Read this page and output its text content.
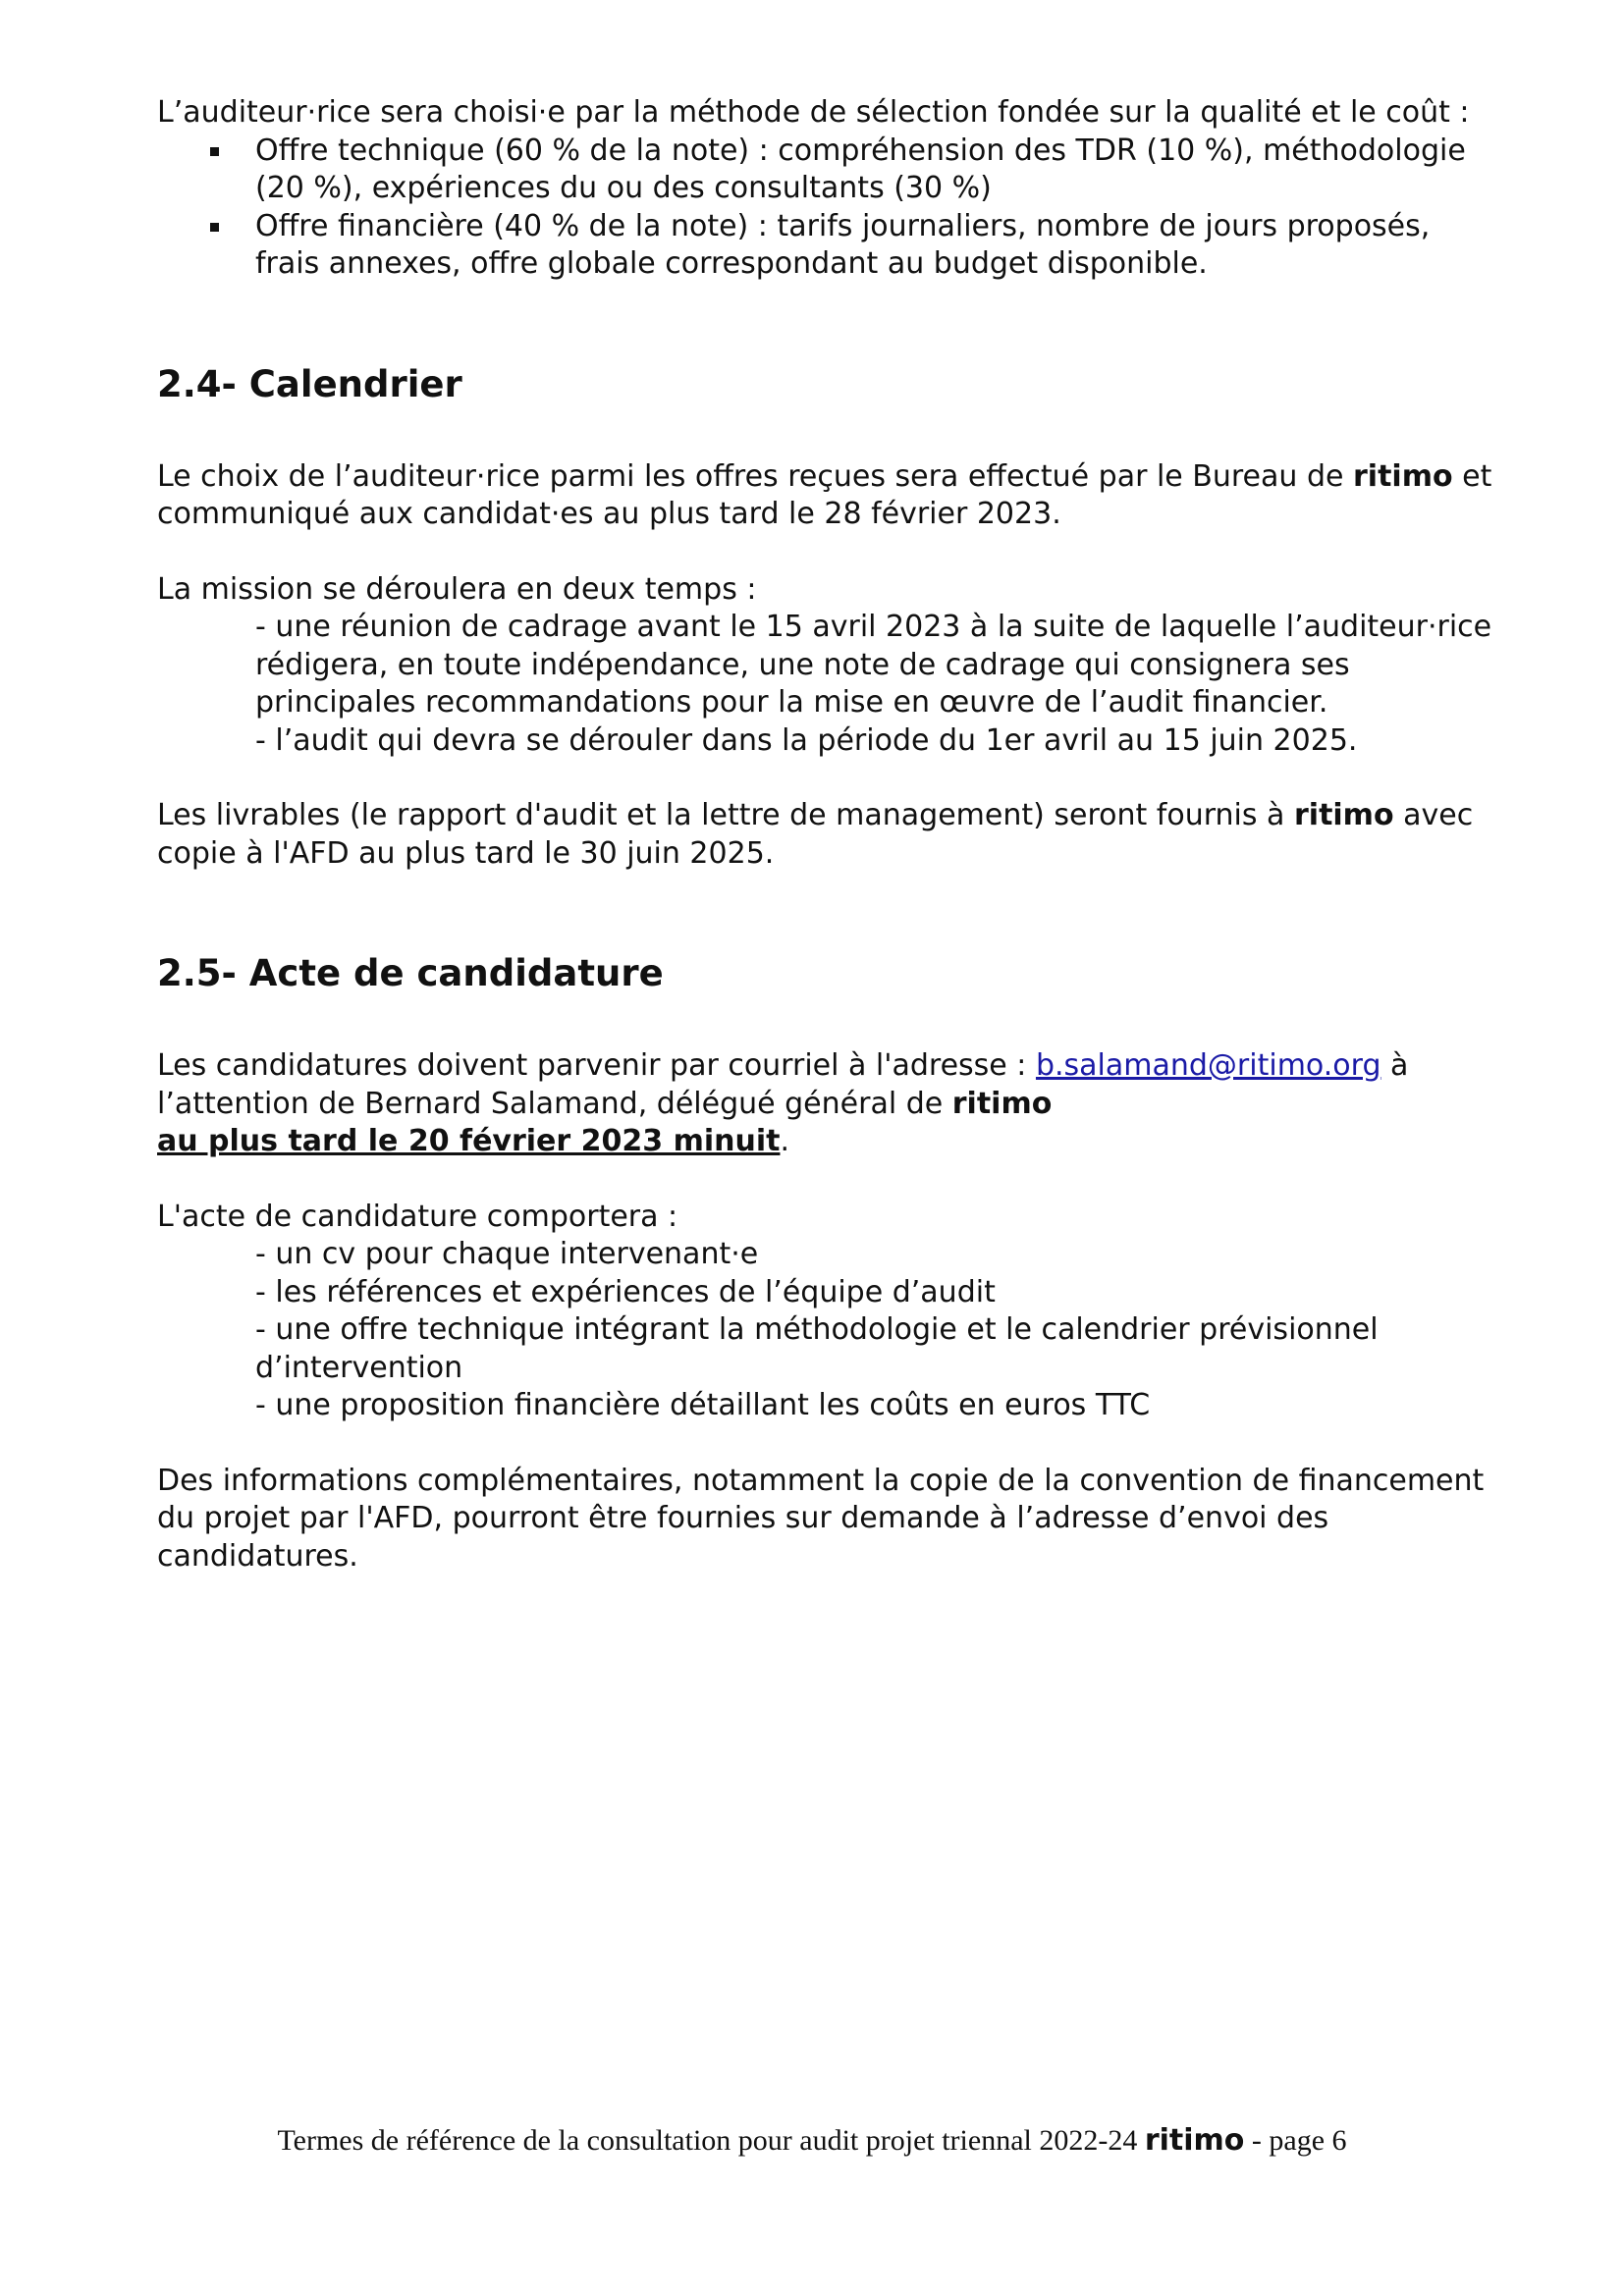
L’auditeur·rice sera choisi·e par la méthode de sélection fondée sur la qualité et le coût :

Offre technique (60 % de la note) : compréhension des TDR (10 %), méthodologie (20 %), expériences du ou des consultants (30 %)
Offre financière (40 % de la note) : tarifs journaliers, nombre de jours proposés, frais annexes, offre globale correspondant au budget disponible.
2.4- Calendrier

Le choix de l’auditeur·rice parmi les offres reçues sera effectué par le Bureau de ritimo et communiqué aux candidat·es au plus tard le 28 février 2023.

La mission se déroulera en deux temps :

- une réunion de cadrage avant le 15 avril 2023 à la suite de laquelle l’auditeur·rice rédigera, en toute indépendance, une note de cadrage qui consignera ses principales recommandations pour la mise en œuvre de l’audit financier.
- l’audit qui devra se dérouler dans la période du 1er avril au 15 juin 2025.

Les livrables (le rapport d'audit et la lettre de management) seront fournis à ritimo avec copie à l'AFD au plus tard le 30 juin 2025.

2.5- Acte de candidature

Les candidatures doivent parvenir par courriel à l'adresse : b.salamand@ritimo.org à l’attention de Bernard Salamand, délégué général de ritimo
au plus tard le 20 février 2023 minuit.

L'acte de candidature comportera :

- un cv pour chaque intervenant·e
- les références et expériences de l’équipe d’audit
- une offre technique intégrant la méthodologie et le calendrier prévisionnel d’intervention
- une proposition financière détaillant les coûts en euros TTC

Des informations complémentaires, notamment la copie de la convention de financement du projet par l'AFD, pourront être fournies sur demande à l’adresse d’envoi des candidatures.

Termes de référence de la consultation pour audit projet triennal 2022-24 ritimo - page 6
